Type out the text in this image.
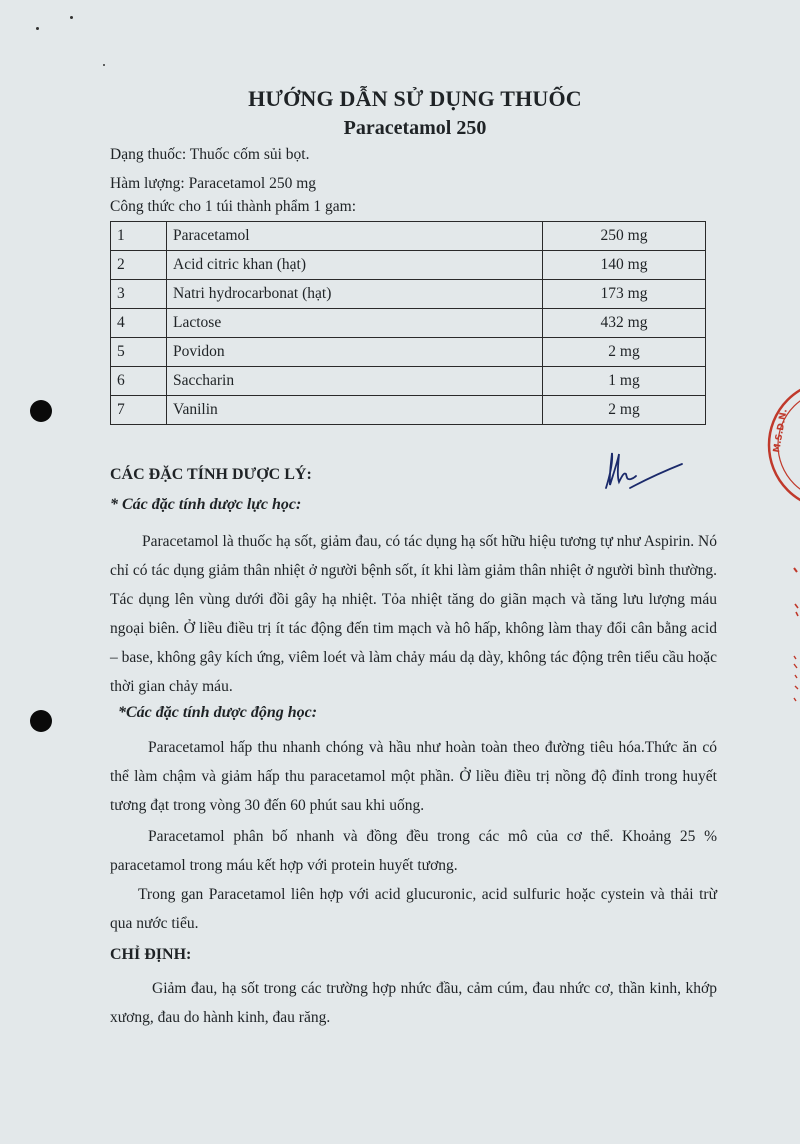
HƯỚNG DẪN SỬ DỤNG THUỐC
Paracetamol 250
Dạng thuốc: Thuốc cốm sủi bọt.
Hàm lượng: Paracetamol 250 mg
Công thức cho 1 túi thành phẩm 1 gam:
1	Paracetamol	250 mg
2	Acid citric khan (hạt)	140 mg
3	Natri hydrocarbonat (hạt)	173 mg
4	Lactose	432 mg
5	Povidon	2 mg
6	Saccharin	1 mg
7	Vanilin	2 mg	M.S.D.N.
CÁC ĐẶC TÍNH DƯỢC LÝ:
* Các đặc tính dược lực học:

Paracetamol là thuốc hạ sốt, giảm đau, có tác dụng hạ sốt hữu hiệu tương tự như Aspirin. Nó chỉ có tác dụng giảm thân nhiệt ở người bệnh sốt, ít khi làm giảm thân nhiệt ở người bình thường. Tác dụng lên vùng dưới đồi gây hạ nhiệt. Tỏa nhiệt tăng do giãn mạch và tăng lưu lượng máu ngoại biên. Ở liều điều trị ít tác động đến tim mạch và hô hấp, không làm thay đổi cân bằng acid – base, không gây kích ứng, viêm loét và làm chảy máu dạ dày, không tác động trên tiểu cầu hoặc thời gian chảy máu.

*Các đặc tính dược động học:

Paracetamol hấp thu nhanh chóng và hầu như hoàn toàn theo đường tiêu hóa.Thức ăn có thể làm chậm và giảm hấp thu paracetamol một phần. Ở liều điều trị nồng độ đỉnh trong huyết tương đạt trong vòng 30 đến 60 phút sau khi uống.

Paracetamol phân bố nhanh và đồng đều trong các mô của cơ thể. Khoảng 25 % paracetamol trong máu kết hợp với protein huyết tương.

Trong gan Paracetamol liên hợp với acid glucuronic, acid sulfuric hoặc cystein và thải trừ qua nước tiểu.

CHỈ ĐỊNH:

Giảm đau, hạ sốt trong các trường hợp nhức đầu, cảm cúm, đau nhức cơ, thần kinh, khớp xương, đau do hành kinh, đau răng.
